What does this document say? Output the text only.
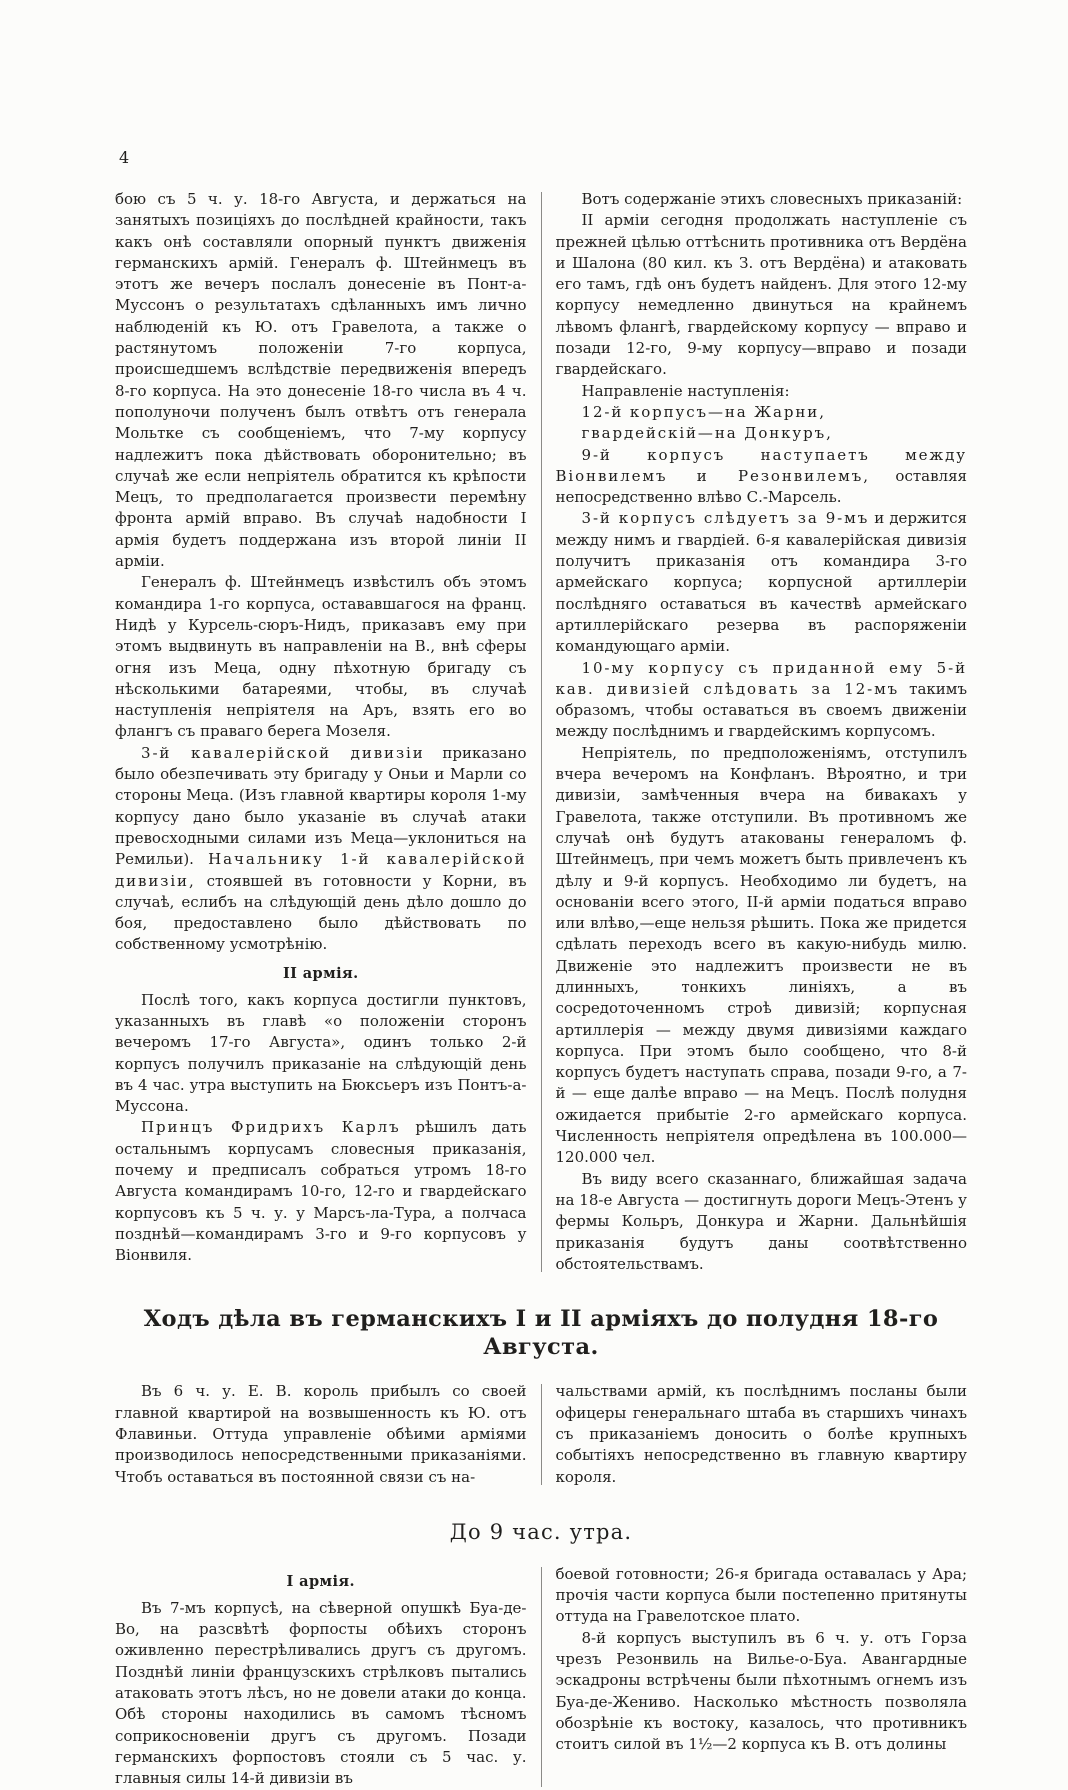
4

бою съ 5 ч. у. 18-го Августа, и держаться на занятыхъ позиціяхъ до послѣдней крайности, такъ какъ онѣ составляли опорный пунктъ движенія германскихъ армій. Генералъ ф. Штейнмецъ въ этотъ же вечеръ послалъ донесеніе въ Понт-а-Муссонъ о результатахъ сдѣланныхъ имъ лично наблюденій къ Ю. отъ Гравелота, а также о растянутомъ положеніи 7-го корпуса, происшедшемъ вслѣдствіе передвиженія впередъ 8-го корпуса. На это донесеніе 18-го числа въ 4 ч. пополуночи полученъ былъ отвѣтъ отъ генерала Мольтке съ сообщеніемъ, что 7-му корпусу надлежитъ пока дѣйствовать оборонительно; въ случаѣ же если непріятель обратится къ крѣпости Мецъ, то предполагается произвести перемѣну фронта армій вправо. Въ случаѣ надобности I армія будетъ поддержана изъ второй линіи II арміи.

Генералъ ф. Штейнмецъ извѣстилъ объ этомъ командира 1-го корпуса, остававшагося на франц. Нидѣ у Курсель-сюръ-Нидъ, приказавъ ему при этомъ выдвинуть въ направленіи на В., внѣ сферы огня изъ Меца, одну пѣхотную бригаду съ нѣсколькими батареями, чтобы, въ случаѣ наступленія непріятеля на Аръ, взять его во флангъ съ праваго берега Мозеля.

3-й кавалерійской дивизіи приказано было обезпечивать эту бригаду у Оньи и Марли со стороны Меца. (Изъ главной квартиры короля 1-му корпусу дано было указаніе въ случаѣ атаки превосходными силами изъ Меца—уклониться на Ремильи). Начальнику 1-й кавалерійской дивизіи, стоявшей въ готовности у Корни, въ случаѣ, еслибъ на слѣдующій день дѣло дошло до боя, предоставлено было дѣйствовать по собственному усмотрѣнію.

II армія.

Послѣ того, какъ корпуса достигли пунктовъ, указанныхъ въ главѣ «о положеніи сторонъ вечеромъ 17-го Августа», одинъ только 2-й корпусъ получилъ приказаніе на слѣдующій день въ 4 час. утра выступить на Бюксьеръ изъ Понтъ-а-Муссона.

Принцъ Фридрихъ Карлъ рѣшилъ дать остальнымъ корпусамъ словесныя приказанія, почему и предписалъ собраться утромъ 18-го Августа командирамъ 10-го, 12-го и гвардейскаго корпусовъ къ 5 ч. у. у Марсъ-ла-Тура, а полчаса позднѣй—командирамъ 3-го и 9-го корпусовъ у Віонвиля.

Вотъ содержаніе этихъ словесныхъ приказаній:

II арміи сегодня продолжать наступленіе съ прежней цѣлью оттѣснить противника отъ Вердёна и Шалона (80 кил. къ З. отъ Вердёна) и атаковать его тамъ, гдѣ онъ будетъ найденъ. Для этого 12-му корпусу немедленно двинуться на крайнемъ лѣвомъ флангѣ, гвардейскому корпусу — вправо и позади 12-го, 9-му корпусу—вправо и позади гвардейскаго.

Направленіе наступленія:

12-й корпусъ—на Жарни,

гвардейскій—на Донкуръ,

9-й корпусъ наступаетъ между Віонвилемъ и Резонвилемъ, оставляя непосредственно влѣво С.-Марсель.

3-й корпусъ слѣдуетъ за 9-мъ и держится между нимъ и гвардіей. 6-я кавалерійская дивизія получитъ приказанія отъ командира 3-го армейскаго корпуса; корпусной артиллеріи послѣдняго оставаться въ качествѣ армейскаго артиллерійскаго резерва въ распоряженіи командующаго арміи.

10-му корпусу съ приданной ему 5-й кав. дивизіей слѣдовать за 12-мъ такимъ образомъ, чтобы оставаться въ своемъ движеніи между послѣднимъ и гвардейскимъ корпусомъ.

Непріятель, по предположеніямъ, отступилъ вчера вечеромъ на Конфланъ. Вѣроятно, и три дивизіи, замѣченныя вчера на бивакахъ у Гравелота, также отступили. Въ противномъ же случаѣ онѣ будутъ атакованы генераломъ ф. Штейнмецъ, при чемъ можетъ быть привлеченъ къ дѣлу и 9-й корпусъ. Необходимо ли будетъ, на основаніи всего этого, II-й арміи податься вправо или влѣво,—еще нельзя рѣшить. Пока же придется сдѣлать переходъ всего въ какую-нибудь милю. Движеніе это надлежитъ произвести не въ длинныхъ, тонкихъ линіяхъ, а въ сосредоточенномъ строѣ дивизій; корпусная артиллерія — между двумя дивизіями каждаго корпуса. При этомъ было сообщено, что 8-й корпусъ будетъ наступать справа, позади 9-го, а 7-й — еще далѣе вправо — на Мецъ. Послѣ полудня ожидается прибытіе 2-го армейскаго корпуса. Численность непріятеля опредѣлена въ 100.000—120.000 чел.

Въ виду всего сказаннаго, ближайшая задача на 18-е Августа — достигнуть дороги Мецъ-Этенъ у фермы Кольръ, Донкура и Жарни. Дальнѣйшія приказанія будутъ даны соотвѣтственно обстоятельствамъ.

Ходъ дѣла въ германскихъ I и II арміяхъ до полудня 18-го Августа.

Въ 6 ч. у. Е. В. король прибылъ со своей главной квартирой на возвышенность къ Ю. отъ Флавиньи. Оттуда управленіе обѣими арміями производилось непосредственными приказаніями. Чтобъ оставаться въ постоянной связи съ на-

чальствами армій, къ послѣднимъ посланы были офицеры генеральнаго штаба въ старшихъ чинахъ съ приказаніемъ доносить о болѣе крупныхъ событіяхъ непосредственно въ главную квартиру короля.

До 9 час. утра.
I армія.

Въ 7-мъ корпусѣ, на сѣверной опушкѣ Буа-де-Во, на разсвѣтѣ форпосты обѣихъ сторонъ оживленно перестрѣливались другъ съ другомъ. Позднѣй линіи французскихъ стрѣлковъ пытались атаковать этотъ лѣсъ, но не довели атаки до конца. Обѣ стороны находились въ самомъ тѣсномъ соприкосновеніи другъ съ другомъ. Позади германскихъ форпостовъ стояли съ 5 час. у. главныя силы 14-й дивизіи въ

боевой готовности; 26-я бригада оставалась у Ара; прочія части корпуса были постепенно притянуты оттуда на Гравелотское плато.

8-й корпусъ выступилъ въ 6 ч. у. отъ Горза чрезъ Резонвиль на Вилье-о-Буа. Авангардные эскадроны встрѣчены были пѣхотнымъ огнемъ изъ Буа-де-Жениво. Насколько мѣстность позволяла обозрѣніе къ востоку, казалось, что противникъ стоитъ силой въ 1½—2 корпуса къ В. отъ долины
